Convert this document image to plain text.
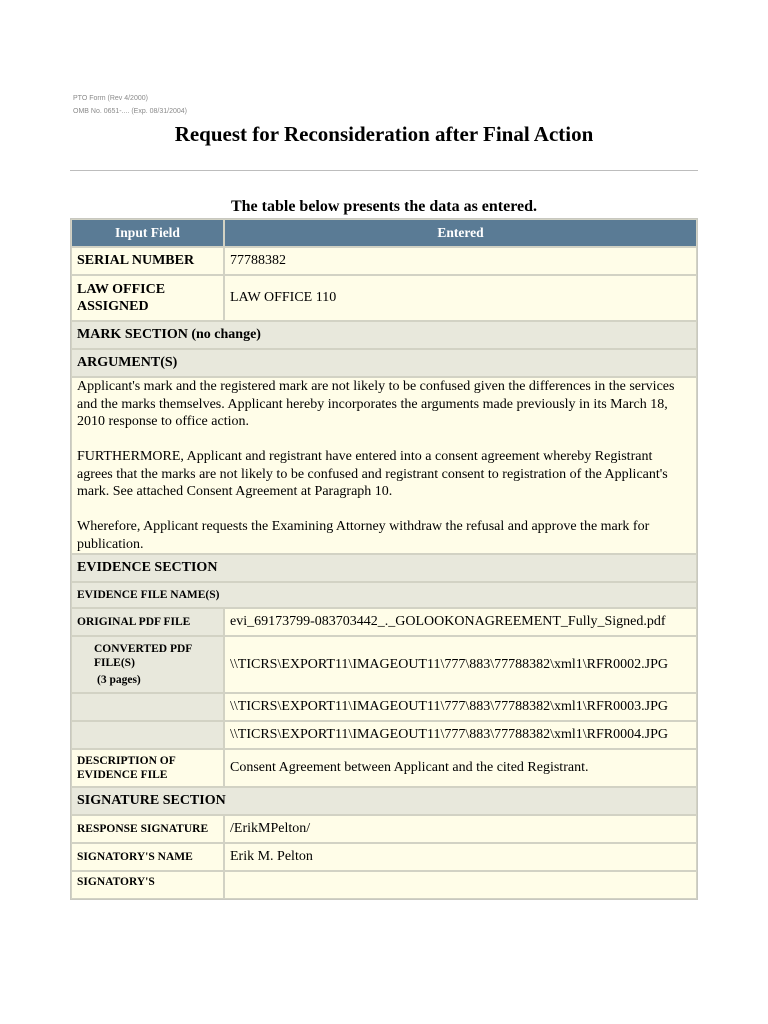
PTO Form (Rev 4/2000)
OMB No. 0651-.... (Exp. 08/31/2004)
Request for Reconsideration after Final Action
The table below presents the data as entered.
Input Field	Entered
SERIAL NUMBER	77788382
LAW OFFICE ASSIGNED	LAW OFFICE 110
MARK SECTION (no change)	
ARGUMENT(S)	

Applicant's mark and the registered mark are not likely to be confused given the differences in the services and the marks themselves. Applicant hereby incorporates the arguments made previously in its March 18, 2010 response to office action.

FURTHERMORE, Applicant and registrant have entered into a consent agreement whereby Registrant agrees that the marks are not likely to be confused and registrant consent to registration of the Applicant's mark. See attached Consent Agreement at Paragraph 10.

Wherefore, Applicant requests the Examining Attorney withdraw the refusal and approve the mark for publication.	

EVIDENCE SECTION	
EVIDENCE FILE NAME(S)	
ORIGINAL PDF FILE	evi_69173799-083703442_._GOLOOKONAGREEMENT_Fully_Signed.pdf

CONVERTED PDF FILE(S)
(3 pages)	\\TICRS\EXPORT11\IMAGEOUT11\777\883\77788382\xml1\RFR0002.JPG
	\\TICRS\EXPORT11\IMAGEOUT11\777\883\77788382\xml1\RFR0003.JPG
	\\TICRS\EXPORT11\IMAGEOUT11\777\883\77788382\xml1\RFR0004.JPG
DESCRIPTION OF EVIDENCE FILE	Consent Agreement between Applicant and the cited Registrant.
SIGNATURE SECTION	
RESPONSE SIGNATURE	/ErikMPelton/
SIGNATORY'S NAME	Erik M. Pelton
SIGNATORY'S	
